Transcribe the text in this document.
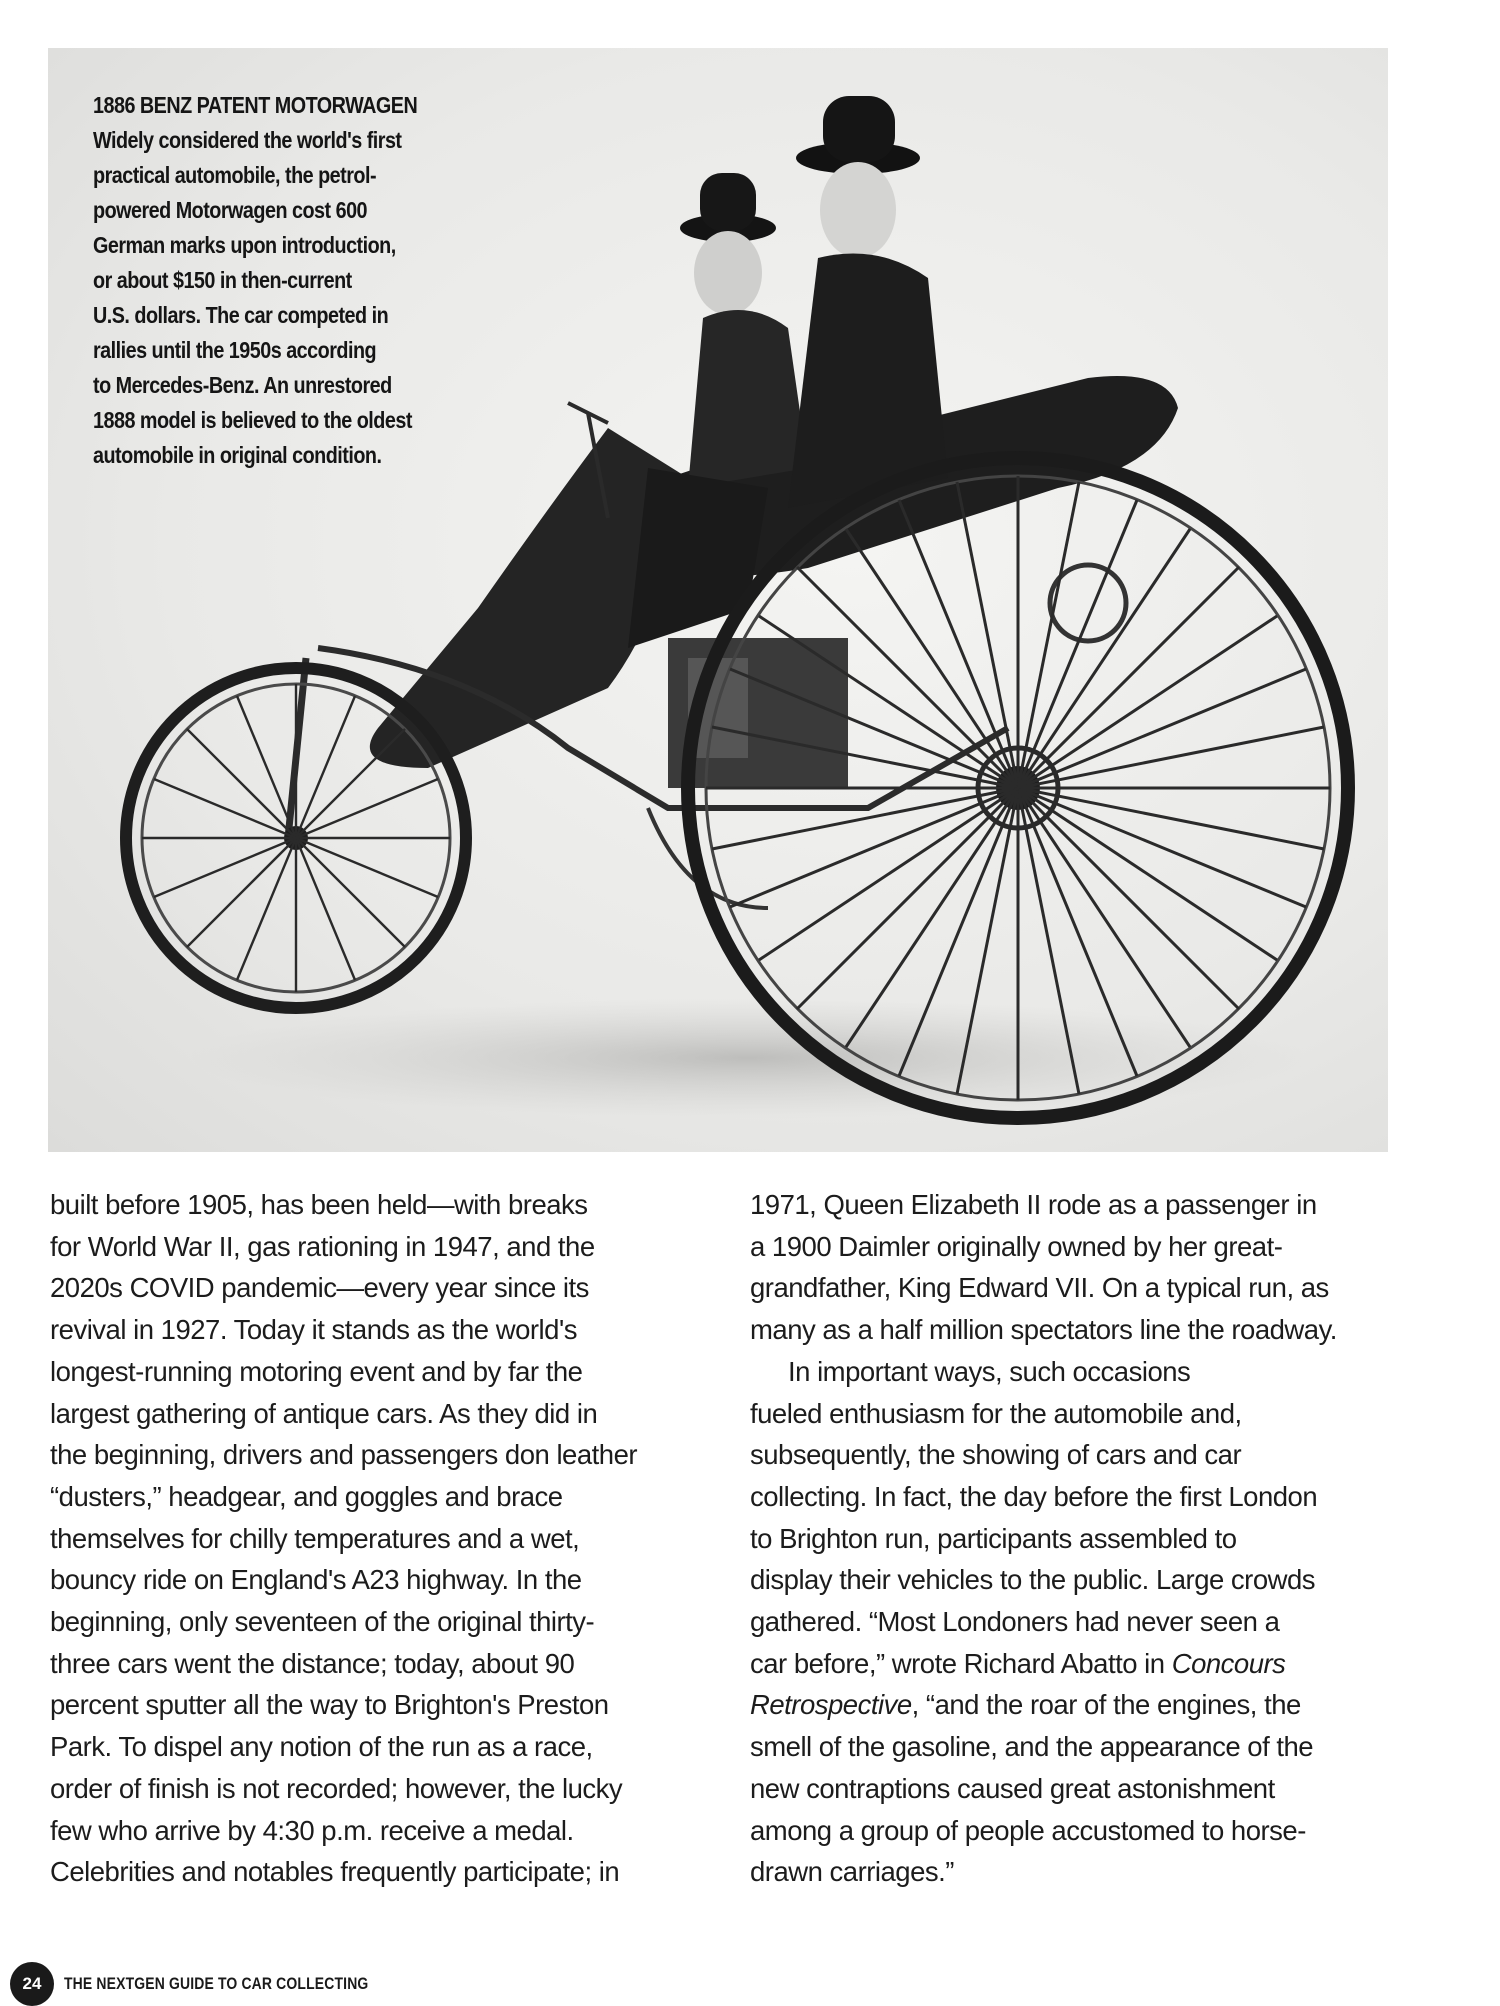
1886 BENZ PATENT MOTORWAGEN
Widely considered the world's first
practical automobile, the petrol-
powered Motorwagen cost 600
German marks upon introduction,
or about $150 in then-current
U.S. dollars. The car competed in
rallies until the 1950s according
to Mercedes-Benz. An unrestored
1888 model is believed to the oldest
automobile in original condition.
built before 1905, has been held—with breaks
for World War II, gas rationing in 1947, and the
2020s COVID pandemic—every year since its
revival in 1927. Today it stands as the world's
longest-running motoring event and by far the
largest gathering of antique cars. As they did in
the beginning, drivers and passengers don leather
“dusters,” headgear, and goggles and brace
themselves for chilly temperatures and a wet,
bouncy ride on England's A23 highway. In the
beginning, only seventeen of the original thirty-
three cars went the distance; today, about 90
percent sputter all the way to Brighton's Preston
Park. To dispel any notion of the run as a race,
order of finish is not recorded; however, the lucky
few who arrive by 4:30 p.m. receive a medal.
Celebrities and notables frequently participate; in
1971, Queen Elizabeth II rode as a passenger in
a 1900 Daimler originally owned by her great-
grandfather, King Edward VII. On a typical run, as
many as a half million spectators line the roadway.
In important ways, such occasions
fueled enthusiasm for the automobile and,
subsequently, the showing of cars and car
collecting. In fact, the day before the first London
to Brighton run, participants assembled to
display their vehicles to the public. Large crowds
gathered. “Most Londoners had never seen a
car before,” wrote Richard Abatto in Concours
Retrospective, “and the roar of the engines, the
smell of the gasoline, and the appearance of the
new contraptions caused great astonishment
among a group of people accustomed to horse-
drawn carriages.”
24	THE NEXTGEN GUIDE TO CAR COLLECTING
